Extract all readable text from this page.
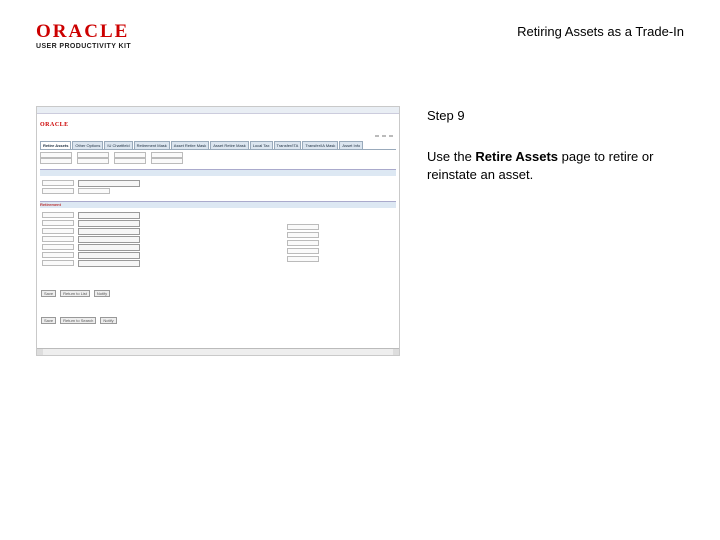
ORACLE
USER PRODUCTIVITY KIT
Retiring Assets as a Trade-In
Step 9
Use the Retire Assets page to retire or reinstate an asset.
ORACLE
Retire Assets	Other Options	IU Chartfield	Retirement Mask	Asset Retire Mask	Asset Retire Mask	Local Tax	Transfer/ITA	Transfer/IA Mask	Asset Info
Retirement
Save	Return to List	Notify
Save	Return to Search	Notify
